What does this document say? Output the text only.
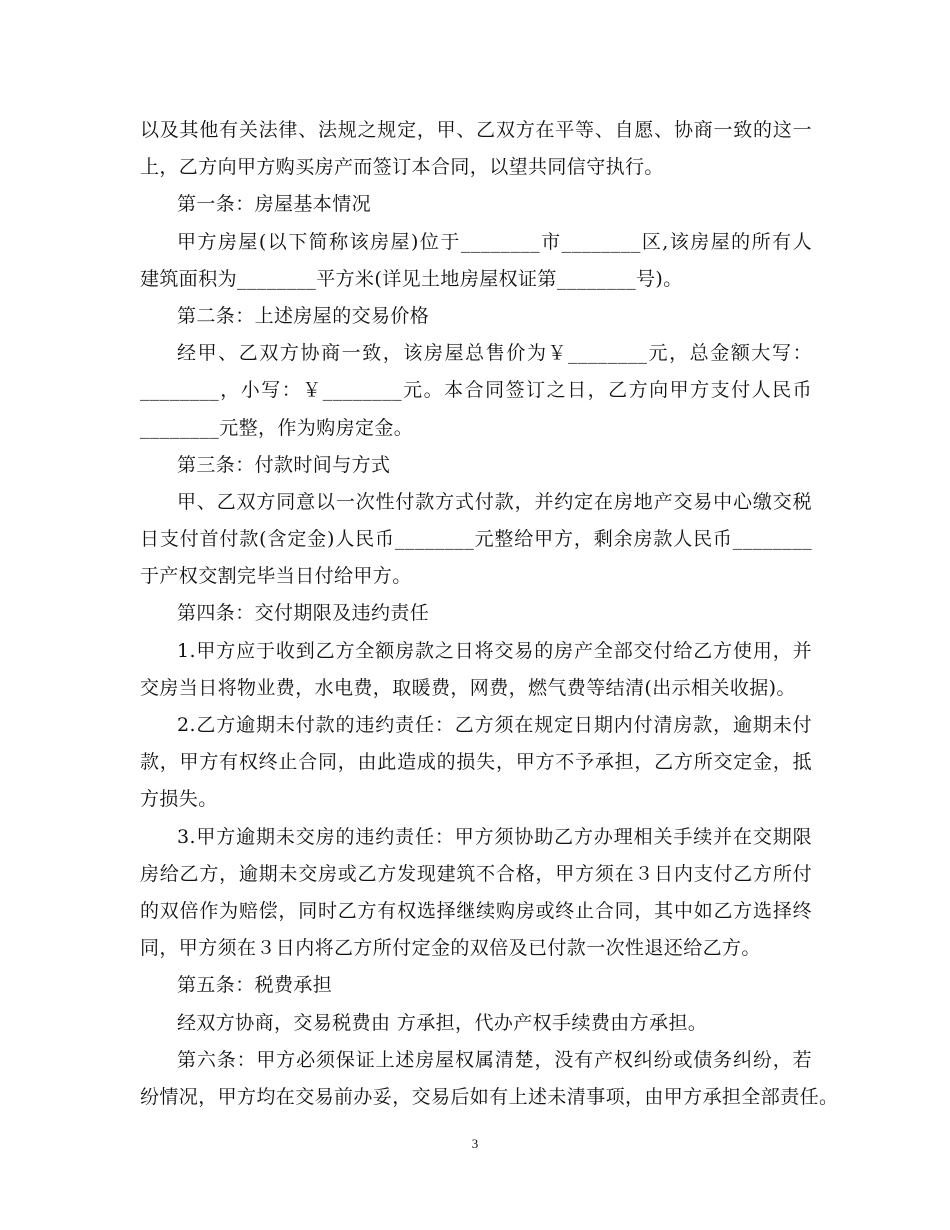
以及其他有关法律、法规之规定，甲、乙双方在平等、自愿、协商一致的这一
上，乙方向甲方购买房产而签订本合同，以望共同信守执行。
第一条：房屋基本情况
甲方房屋(以下简称该房屋)位于________市________区,该房屋的所有人
建筑面积为________平方米(详见土地房屋权证第________号)。
第二条：上述房屋的交易价格
经甲、乙双方协商一致，该房屋总售价为￥________元，总金额大写：
________，小写：￥________元。本合同签订之日，乙方向甲方支付人民币
________元整，作为购房定金。
第三条：付款时间与方式
甲、乙双方同意以一次性付款方式付款，并约定在房地产交易中心缴交税
日支付首付款(含定金)人民币________元整给甲方，剩余房款人民币________
于产权交割完毕当日付给甲方。
第四条：交付期限及违约责任
1.甲方应于收到乙方全额房款之日将交易的房产全部交付给乙方使用，并
交房当日将物业费，水电费，取暖费，网费，燃气费等结清(出示相关收据)。
2.乙方逾期未付款的违约责任：乙方须在规定日期内付清房款，逾期未付
款，甲方有权终止合同，由此造成的损失，甲方不予承担，乙方所交定金，抵
方损失。
3.甲方逾期未交房的违约责任：甲方须协助乙方办理相关手续并在交期限
房给乙方，逾期未交房或乙方发现建筑不合格，甲方须在３日内支付乙方所付
的双倍作为赔偿，同时乙方有权选择继续购房或终止合同，其中如乙方选择终
同，甲方须在３日内将乙方所付定金的双倍及已付款一次性退还给乙方。
第五条：税费承担
经双方协商，交易税费由 方承担，代办产权手续费由方承担。
第六条：甲方必须保证上述房屋权属清楚，没有产权纠纷或债务纠纷，若
纷情况，甲方均在交易前办妥，交易后如有上述未清事项，由甲方承担全部责任。
3
